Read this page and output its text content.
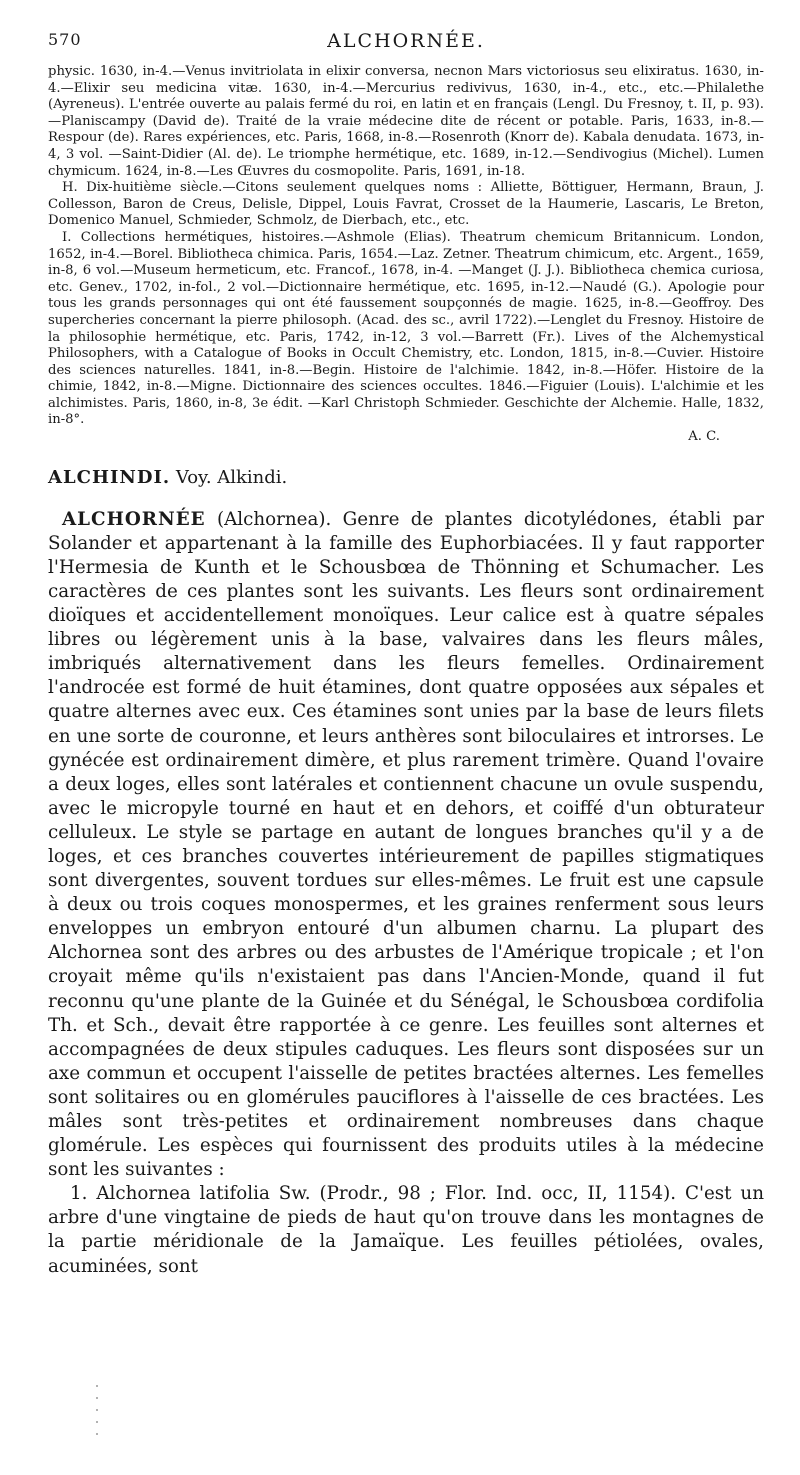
570	ALCHORNÉE.

physic. 1630, in-4.—Venus invitriolata in elixir conversa, necnon Mars victoriosus seu elixiratus. 1630, in-4.—Elixir seu medicina vitæ. 1630, in-4.—Mercurius redivivus, 1630, in-4., etc., etc.—Philalethe (Ayreneus). L'entrée ouverte au palais fermé du roi, en latin et en français (Lengl. Du Fresnoy, t. II, p. 93).—Planiscampy (David de). Traité de la vraie médecine dite de récent or potable. Paris, 1633, in-8.—Respour (de). Rares expériences, etc. Paris, 1668, in-8.—Rosenroth (Knorr de). Kabala denudata. 1673, in-4, 3 vol. —Saint-Didier (Al. de). Le triomphe hermétique, etc. 1689, in-12.—Sendivogius (Michel). Lumen chymicum. 1624, in-8.—Les Œuvres du cosmopolite. Paris, 1691, in-18.

H. Dix-huitième siècle.—Citons seulement quelques noms : Alliette, Böttiguer, Hermann, Braun, J. Collesson, Baron de Creus, Delisle, Dippel, Louis Favrat, Crosset de la Haumerie, Lascaris, Le Breton, Domenico Manuel, Schmieder, Schmolz, de Dierbach, etc., etc.

I. Collections hermétiques, histoires.—Ashmole (Elias). Theatrum chemicum Britannicum. London, 1652, in-4.—Borel. Bibliotheca chimica. Paris, 1654.—Laz. Zetner. Theatrum chimicum, etc. Argent., 1659, in-8, 6 vol.—Museum hermeticum, etc. Francof., 1678, in-4. —Manget (J. J.). Bibliotheca chemica curiosa, etc. Genev., 1702, in-fol., 2 vol.—Dictionnaire hermétique, etc. 1695, in-12.—Naudé (G.). Apologie pour tous les grands personnages qui ont été faussement soupçonnés de magie. 1625, in-8.—Geoffroy. Des supercheries concernant la pierre philosoph. (Acad. des sc., avril 1722).—Lenglet du Fresnoy. Histoire de la philosophie hermétique, etc. Paris, 1742, in-12, 3 vol.—Barrett (Fr.). Lives of the Alchemystical Philosophers, with a Catalogue of Books in Occult Chemistry, etc. London, 1815, in-8.—Cuvier. Histoire des sciences naturelles. 1841, in-8.—Begin. Histoire de l'alchimie. 1842, in-8.—Höfer. Histoire de la chimie, 1842, in-8.—Migne. Dictionnaire des sciences occultes. 1846.—Figuier (Louis). L'alchimie et les alchimistes. Paris, 1860, in-8, 3e édit. —Karl Christoph Schmieder. Geschichte der Alchemie. Halle, 1832, in-8°.

A. C.

ALCHINDI. Voy. Alkindi.

ALCHORNÉE (Alchornea). Genre de plantes dicotylédones, établi par Solander et appartenant à la famille des Euphorbiacées. Il y faut rapporter l'Hermesia de Kunth et le Schousbœa de Thönning et Schumacher. Les caractères de ces plantes sont les suivants. Les fleurs sont ordinairement dioïques et accidentellement monoïques. Leur calice est à quatre sépales libres ou légèrement unis à la base, valvaires dans les fleurs mâles, imbriqués alternativement dans les fleurs femelles. Ordinairement l'androcée est formé de huit étamines, dont quatre opposées aux sépales et quatre alternes avec eux. Ces étamines sont unies par la base de leurs filets en une sorte de couronne, et leurs anthères sont biloculaires et introrses. Le gynécée est ordinairement dimère, et plus rarement trimère. Quand l'ovaire a deux loges, elles sont latérales et contiennent chacune un ovule suspendu, avec le micropyle tourné en haut et en dehors, et coiffé d'un obturateur celluleux. Le style se partage en autant de longues branches qu'il y a de loges, et ces branches couvertes intérieurement de papilles stigmatiques sont divergentes, souvent tordues sur elles-mêmes. Le fruit est une capsule à deux ou trois coques monospermes, et les graines renferment sous leurs enveloppes un embryon entouré d'un albumen charnu. La plupart des Alchornea sont des arbres ou des arbustes de l'Amérique tropicale ; et l'on croyait même qu'ils n'existaient pas dans l'Ancien-Monde, quand il fut reconnu qu'une plante de la Guinée et du Sénégal, le Schousbœa cordifolia Th. et Sch., devait être rapportée à ce genre. Les feuilles sont alternes et accompagnées de deux stipules caduques. Les fleurs sont disposées sur un axe commun et occupent l'aisselle de petites bractées alternes. Les femelles sont solitaires ou en glomérules pauciflores à l'aisselle de ces bractées. Les mâles sont très-petites et ordinairement nombreuses dans chaque glomérule. Les espèces qui fournissent des produits utiles à la médecine sont les suivantes :

1. Alchornea latifolia Sw. (Prodr., 98 ; Flor. Ind. occ, II, 1154). C'est un arbre d'une vingtaine de pieds de haut qu'on trouve dans les montagnes de la partie méridionale de la Jamaïque. Les feuilles pétiolées, ovales, acuminées, sont
